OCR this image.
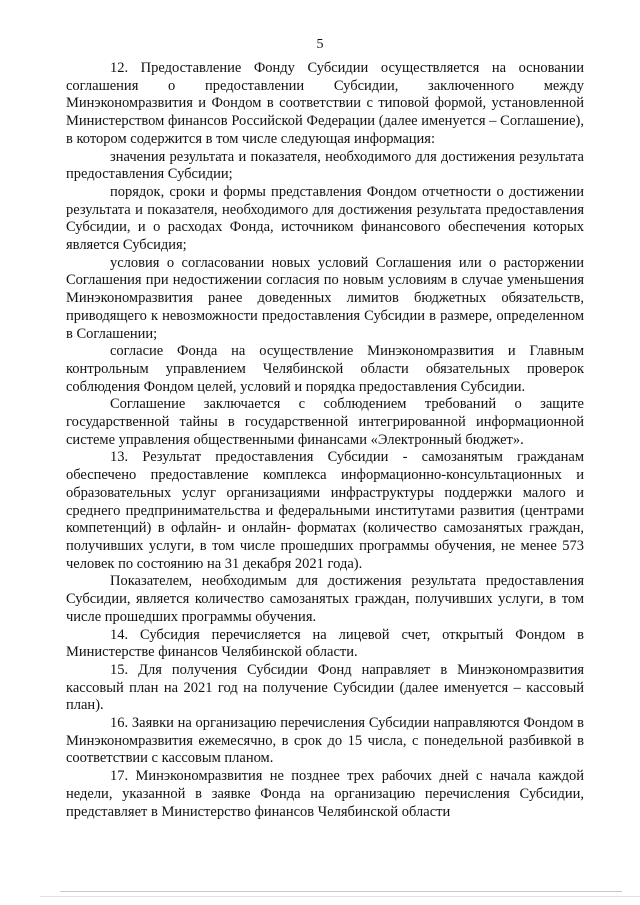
5

12. Предоставление Фонду Субсидии осуществляется на основании соглашения о предоставлении Субсидии, заключенного между Минэкономразвития и Фондом в соответствии с типовой формой, установленной Министерством финансов Российской Федерации (далее именуется – Соглашение), в котором содержится в том числе следующая информация:

значения результата и показателя, необходимого для достижения результата предоставления Субсидии;

порядок, сроки и формы представления Фондом отчетности о достижении результата и показателя, необходимого для достижения результата предоставления Субсидии, и о расходах Фонда, источником финансового обеспечения которых является Субсидия;

условия о согласовании новых условий Соглашения или о расторжении Соглашения при недостижении согласия по новым условиям в случае уменьшения Минэкономразвития ранее доведенных лимитов бюджетных обязательств, приводящего к невозможности предоставления Субсидии в размере, определенном в Соглашении;

согласие Фонда на осуществление Минэкономразвития и Главным контрольным управлением Челябинской области обязательных проверок соблюдения Фондом целей, условий и порядка предоставления Субсидии.

Соглашение заключается с соблюдением требований о защите государственной тайны в государственной интегрированной информационной системе управления общественными финансами «Электронный бюджет».

13. Результат предоставления Субсидии - самозанятым гражданам обеспечено предоставление комплекса информационно-консультационных и образовательных услуг организациями инфраструктуры поддержки малого и среднего предпринимательства и федеральными институтами развития (центрами компетенций) в офлайн- и онлайн- форматах (количество самозанятых граждан, получивших услуги, в том числе прошедших программы обучения, не менее 573 человек по состоянию на 31 декабря 2021 года).

Показателем, необходимым для достижения результата предоставления Субсидии, является количество самозанятых граждан, получивших услуги, в том числе прошедших программы обучения.

14. Субсидия перечисляется на лицевой счет, открытый Фондом в Министерстве финансов Челябинской области.

15. Для получения Субсидии Фонд направляет в Минэкономразвития кассовый план на 2021 год на получение Субсидии (далее именуется – кассовый план).

16. Заявки на организацию перечисления Субсидии направляются Фондом в Минэкономразвития ежемесячно, в срок до 15 числа, с понедельной разбивкой в соответствии с кассовым планом.

17. Минэкономразвития не позднее трех рабочих дней с начала каждой недели, указанной в заявке Фонда на организацию перечисления Субсидии, представляет в Министерство финансов Челябинской области
